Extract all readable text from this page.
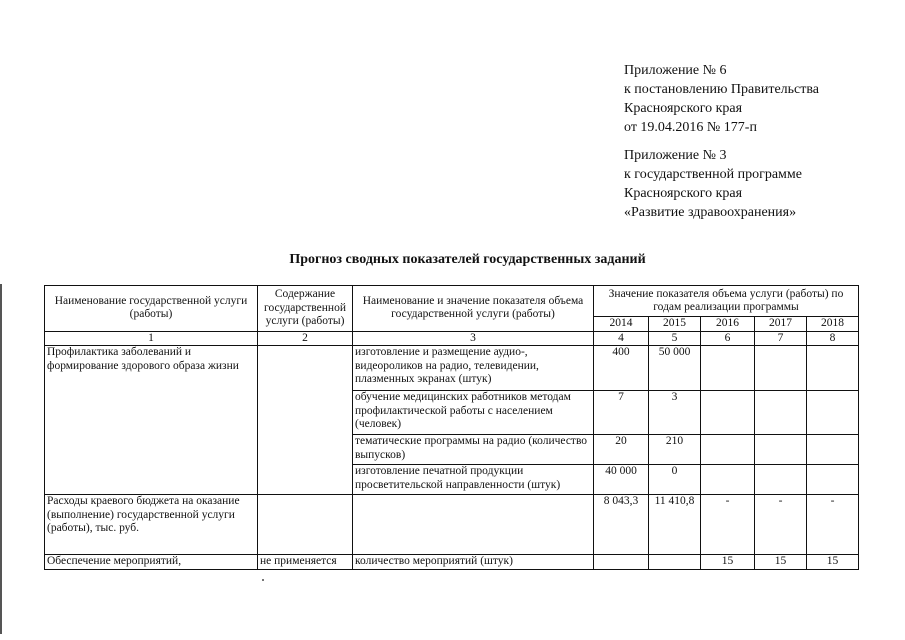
Приложение № 6
к постановлению Правительства
Красноярского края
от 19.04.2016 № 177-п
Приложение № 3
к государственной программе
Красноярского края
«Развитие здравоохранения»
Прогноз сводных показателей государственных заданий
Наименование государственной услуги (работы)	Содержание государственной услуги (работы)	Наименование и значение показателя объема государственной услуги (работы)	Значение показателя объема услуги (работы) по годам реализации программы				
			2014	2015	2016	2017	2018
1	2	3	4	5	6	7	8
Профилактика заболеваний и формирование здорового образа жизни		изготовление и размещение аудио-, видеороликов на радио, телевидении, плазменных экранах (штук)	400	50 000			
		обучение медицинских работников методам профилактической работы с населением (человек)	7	3			
		тематические программы на радио (количество выпусков)	20	210			
		изготовление печатной продукции просветительской направленности (штук)	40 000	0			
Расходы краевого бюджета на оказание (выполнение) государственной услуги (работы), тыс. руб.			8 043,3	11 410,8	-	-	-
Обеспечение мероприятий,	не применяется	количество мероприятий (штук)			15	15	15
